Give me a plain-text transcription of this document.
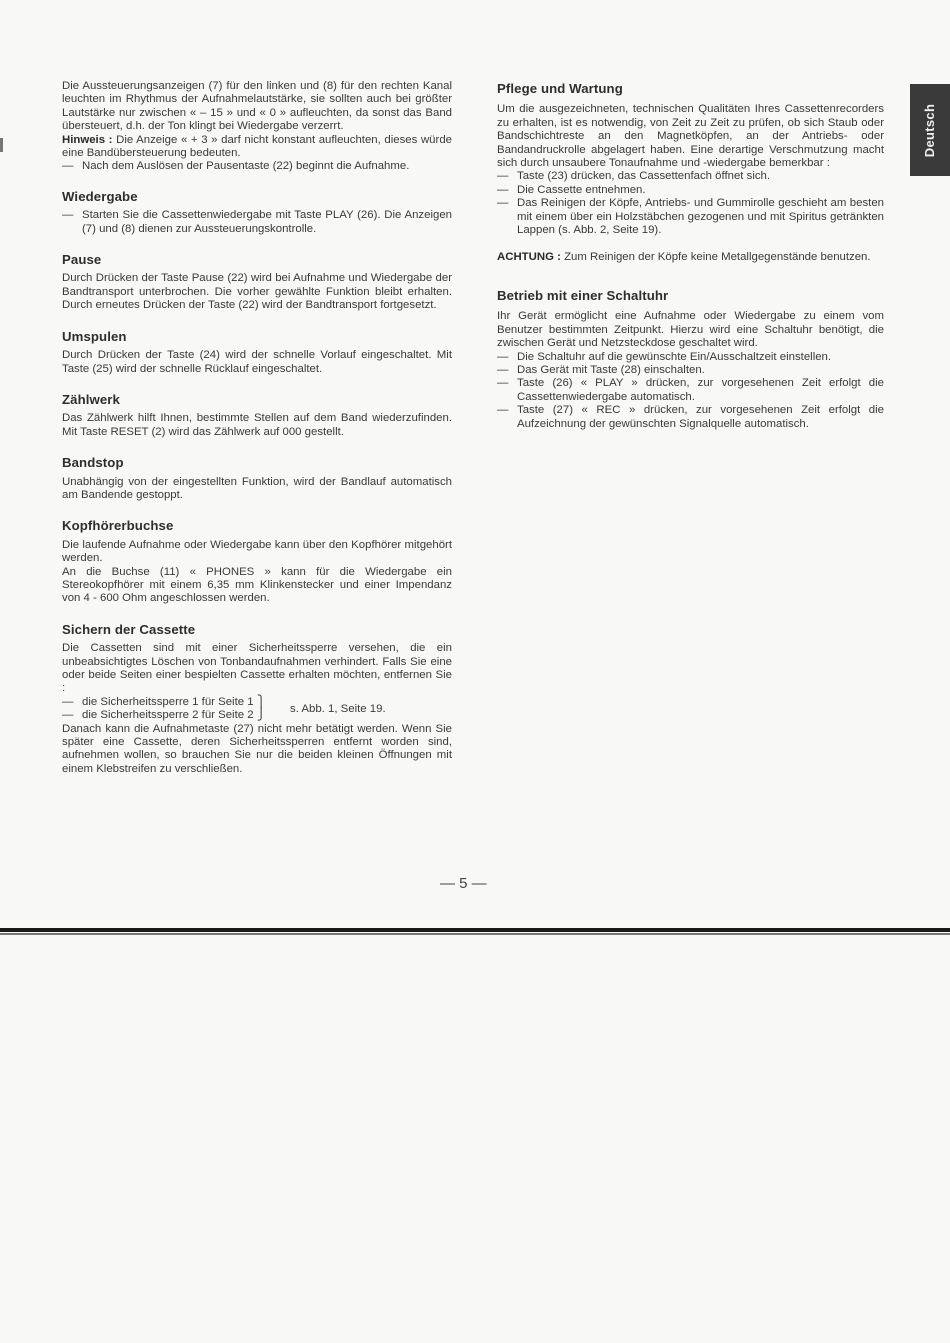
Deutsch

Die Aussteuerungsanzeigen (7) für den linken und (8) für den rechten Kanal leuchten im Rhythmus der Aufnahmelautstärke, sie sollten auch bei größter Lautstärke nur zwischen « – 15 » und « 0 » aufleuchten, da sonst das Band übersteuert, d.h. der Ton klingt bei Wiedergabe verzerrt.

Hinweis : Die Anzeige « + 3 » darf nicht konstant aufleuchten, dieses würde eine Bandübersteuerung bedeuten.

— Nach dem Auslösen der Pausentaste (22) beginnt die Aufnahme.
Wiedergabe
— Starten Sie die Cassettenwiedergabe mit Taste PLAY (26). Die Anzeigen (7) und (8) dienen zur Aussteuerungskontrolle.
Pause

Durch Drücken der Taste Pause (22) wird bei Aufnahme und Wiedergabe der Bandtransport unterbrochen. Die vorher gewählte Funktion bleibt erhalten. Durch erneutes Drücken der Taste (22) wird der Bandtransport fortgesetzt.

Umspulen

Durch Drücken der Taste (24) wird der schnelle Vorlauf eingeschaltet. Mit Taste (25) wird der schnelle Rücklauf eingeschaltet.

Zählwerk

Das Zählwerk hilft Ihnen, bestimmte Stellen auf dem Band wiederzufinden. Mit Taste RESET (2) wird das Zählwerk auf 000 gestellt.

Bandstop

Unabhängig von der eingestellten Funktion, wird der Bandlauf automatisch am Bandende gestoppt.

Kopfhörerbuchse

Die laufende Aufnahme oder Wiedergabe kann über den Kopfhörer mitgehört werden.

An die Buchse (11) « PHONES » kann für die Wiedergabe ein Stereokopfhörer mit einem 6,35 mm Klinkenstecker und einer Impendanz von 4 - 600 Ohm angeschlossen werden.

Sichern der Cassette

Die Cassetten sind mit einer Sicherheitssperre versehen, die ein unbeabsichtigtes Löschen von Tonbandaufnahmen verhindert. Falls Sie eine oder beide Seiten einer bespielten Cassette erhalten möchten, entfernen Sie :

— die Sicherheitssperre 1 für Seite 1 ⎫
— die Sicherheitssperre 2 für Seite 2 ⎭
s. Abb. 1, Seite 19.

Danach kann die Aufnahmetaste (27) nicht mehr betätigt werden. Wenn Sie später eine Cassette, deren Sicherheitssperren entfernt worden sind, aufnehmen wollen, so brauchen Sie nur die beiden kleinen Öffnungen mit einem Klebstreifen zu verschließen.

Pflege und Wartung

Um die ausgezeichneten, technischen Qualitäten Ihres Cassettenrecorders zu erhalten, ist es notwendig, von Zeit zu Zeit zu prüfen, ob sich Staub oder Bandschichtreste an den Magnetköpfen, an der Antriebs- oder Bandandruckrolle abgelagert haben. Eine derartige Verschmutzung macht sich durch unsaubere Tonaufnahme und -wiedergabe bemerkbar :

— Taste (23) drücken, das Cassettenfach öffnet sich.
— Die Cassette entnehmen.
— Das Reinigen der Köpfe, Antriebs- und Gummirolle geschieht am besten mit einem über ein Holzstäbchen gezogenen und mit Spiritus getränkten Lappen (s. Abb. 2, Seite 19).

ACHTUNG : Zum Reinigen der Köpfe keine Metallgegenstände benutzen.

Betrieb mit einer Schaltuhr

Ihr Gerät ermöglicht eine Aufnahme oder Wiedergabe zu einem vom Benutzer bestimmten Zeitpunkt. Hierzu wird eine Schaltuhr benötigt, die zwischen Gerät und Netzsteckdose geschaltet wird.

— Die Schaltuhr auf die gewünschte Ein/Ausschaltzeit einstellen.
— Das Gerät mit Taste (28) einschalten.
— Taste (26) « PLAY » drücken, zur vorgesehenen Zeit erfolgt die Cassettenwiedergabe automatisch.
— Taste (27) « REC » drücken, zur vorgesehenen Zeit erfolgt die Aufzeichnung der gewünschten Signalquelle automatisch.
— 5 —
